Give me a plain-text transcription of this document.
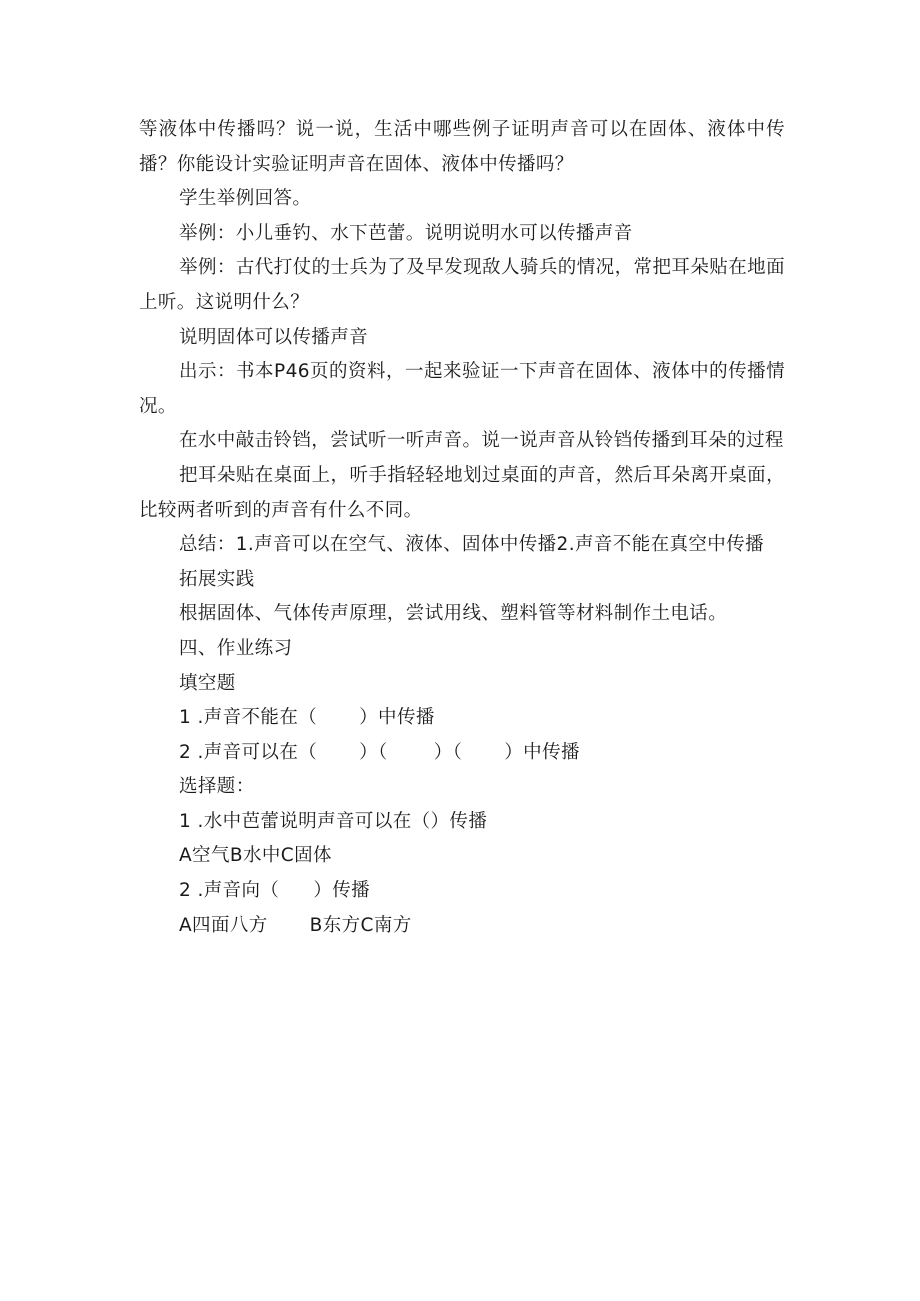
等液体中传播吗？说一说，生活中哪些例子证明声音可以在固体、液体中传播？你能设计实验证明声音在固体、液体中传播吗？

学生举例回答。

举例：小儿垂钓、水下芭蕾。说明说明水可以传播声音

举例：古代打仗的士兵为了及早发现敌人骑兵的情况，常把耳朵贴在地面上听。这说明什么？

说明固体可以传播声音

出示：书本P46页的资料，一起来验证一下声音在固体、液体中的传播情况。

在水中敲击铃铛，尝试听一听声音。说一说声音从铃铛传播到耳朵的过程

把耳朵贴在桌面上，听手指轻轻地划过桌面的声音，然后耳朵离开桌面，比较两者听到的声音有什么不同。

总结：1.声音可以在空气、液体、固体中传播2.声音不能在真空中传播

拓展实践

根据固体、气体传声原理，尝试用线、塑料管等材料制作土电话。

四、作业练习

填空题

1 .声音不能在（ ）中传播

2 .声音可以在（ ）（ ）（ ）中传播

选择题：

1 .水中芭蕾说明声音可以在（）传播

A空气B水中C固体

2 .声音向（ ）传播

A四面八方 B东方C南方
